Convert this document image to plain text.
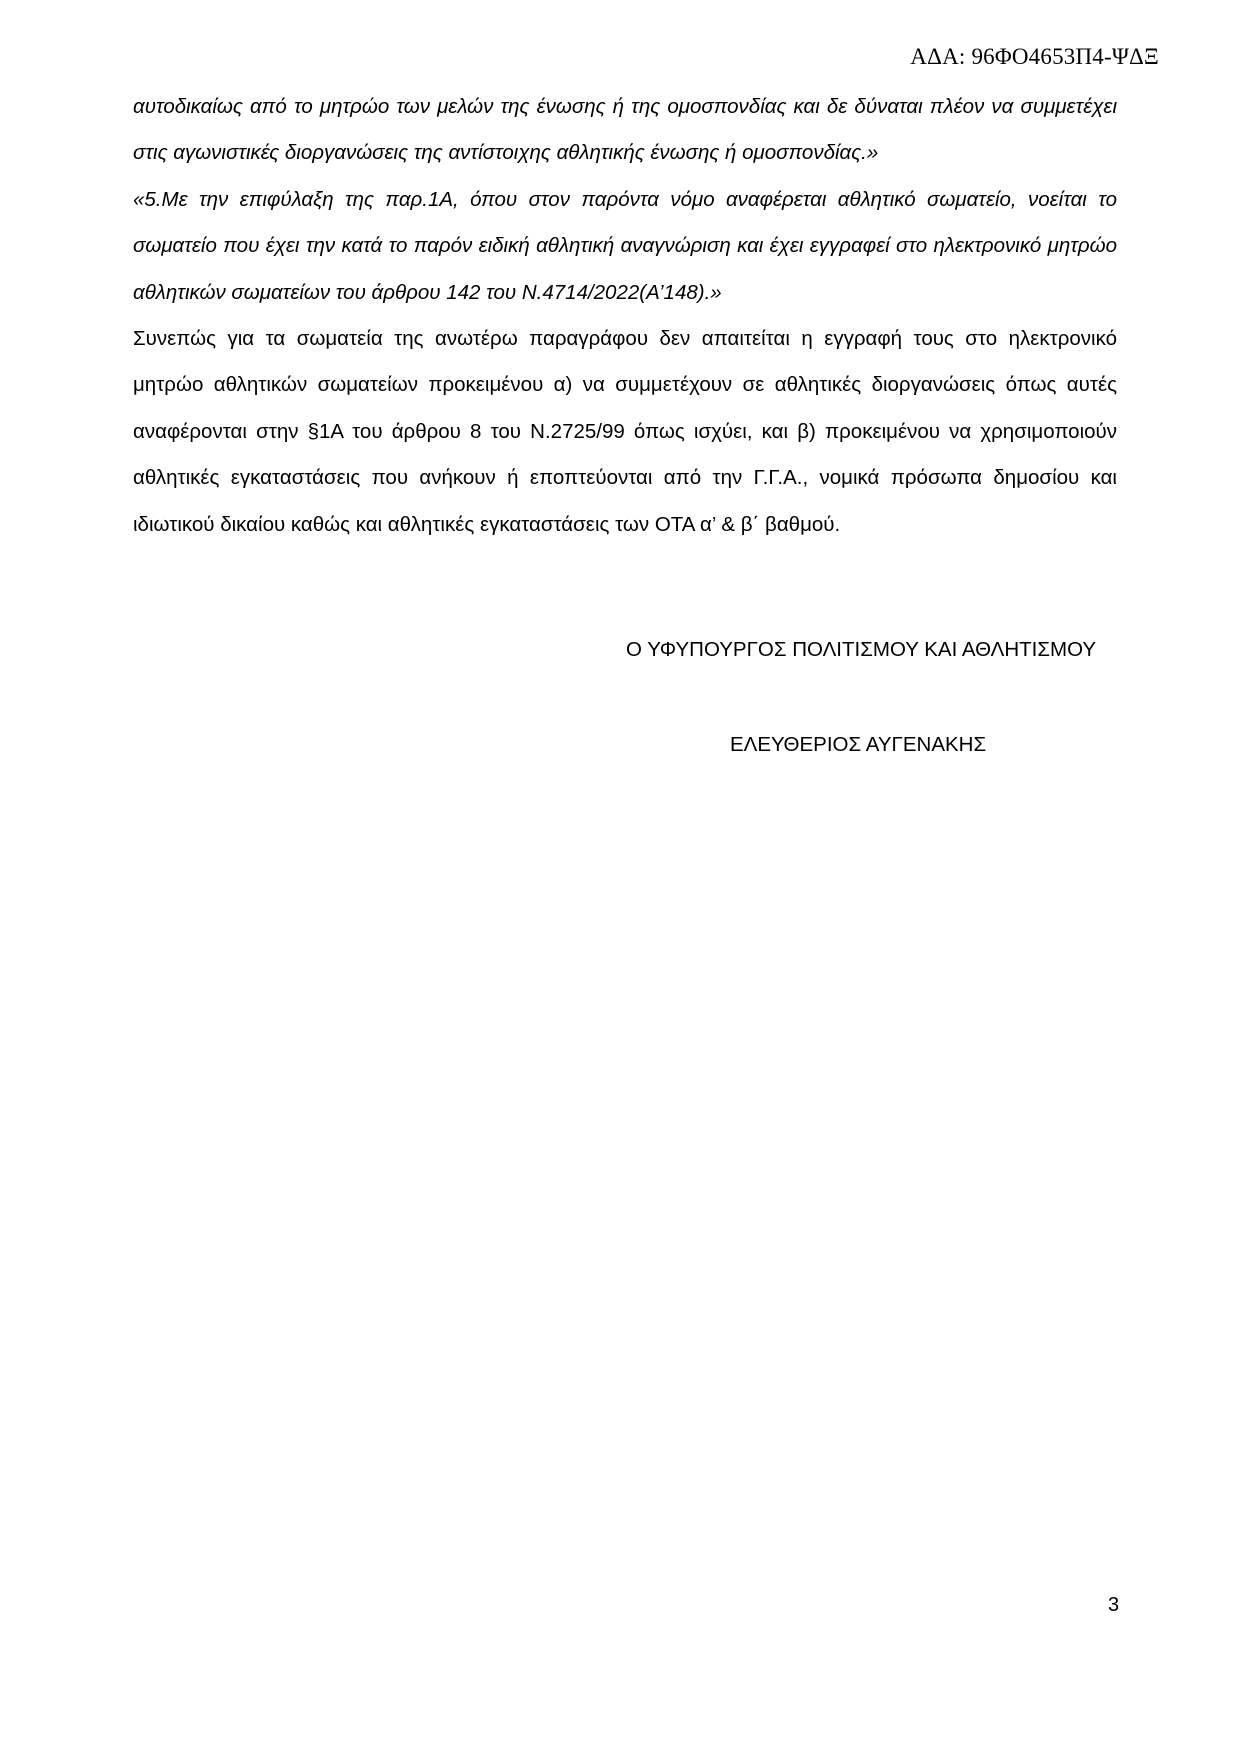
ΑΔΑ: 96ΦΟ4653Π4-ΨΔΞ

αυτοδικαίως από το μητρώο των μελών της ένωσης ή της ομοσπονδίας και δε δύναται πλέον να συμμετέχει στις αγωνιστικές διοργανώσεις της αντίστοιχης αθλητικής ένωσης ή ομοσπονδίας.»

«5.Με την επιφύλαξη της παρ.1Α, όπου στον παρόντα νόμο αναφέρεται αθλητικό σωματείο, νοείται το σωματείο που έχει την κατά το παρόν ειδική αθλητική αναγνώριση και έχει εγγραφεί στο ηλεκτρονικό μητρώο αθλητικών σωματείων του άρθρου 142 του Ν.4714/2022(Α’148).»

Συνεπώς για τα σωματεία της ανωτέρω παραγράφου δεν απαιτείται η εγγραφή τους στο ηλεκτρονικό μητρώο αθλητικών σωματείων προκειμένου α) να συμμετέχουν σε αθλητικές διοργανώσεις όπως αυτές αναφέρονται στην §1Α του άρθρου 8 του Ν.2725/99 όπως ισχύει, και β) προκειμένου να χρησιμοποιούν αθλητικές εγκαταστάσεις που ανήκουν ή εποπτεύονται από την Γ.Γ.Α., νομικά πρόσωπα δημοσίου και ιδιωτικού δικαίου καθώς και αθλητικές εγκαταστάσεις των ΟΤΑ α’ & β΄ βαθμού.

Ο ΥΦΥΠΟΥΡΓΟΣ ΠΟΛΙΤΙΣΜΟΥ ΚΑΙ ΑΘΛΗΤΙΣΜΟΥ
ΕΛΕΥΘΕΡΙΟΣ ΑΥΓΕΝΑΚΗΣ
3
